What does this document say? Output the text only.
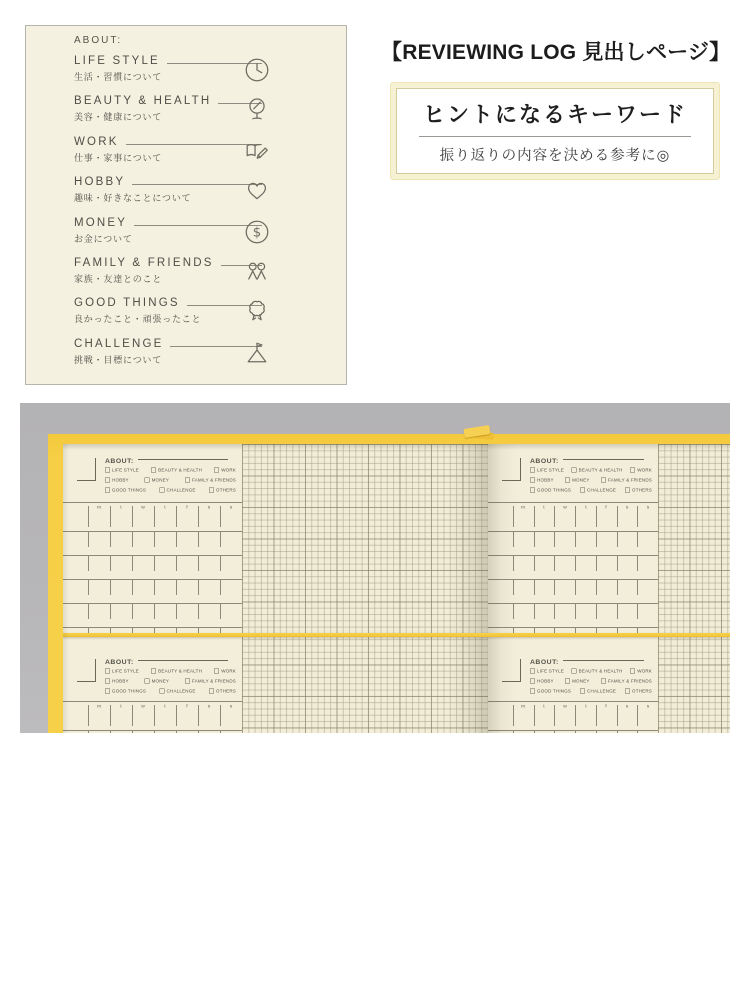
ABOUT:
LIFE STYLE
生活・習慣について
BEAUTY & HEALTH
美容・健康について
WORK
仕事・家事について
HOBBY
趣味・好きなことについて
MONEY
お金について
FAMILY & FRIENDS
家族・友達とのこと
GOOD THINGS
良かったこと・頑張ったこと
CHALLENGE
挑戦・目標について
【REVIEWING LOG 見出しページ】
ヒントになるキーワード
振り返りの内容を決める参考に◎
ABOUT:
LIFE STYLE BEAUTY & HEALTH WORK
HOBBY	MONEY	FAMILY & FRIENDS
GOOD THINGS CHALLENGE OTHERS
m t w t f s s
ABOUT:
LIFE STYLE BEAUTY & HEALTH WORK
HOBBY MONEY FAMILY & FRIENDS
GOOD THINGS CHALLENGE OTHERS
m t w t f s s
ABOUT:
LIFE STYLE BEAUTY & HEALTH WORK
HOBBY	MONEY	FAMILY & FRIENDS
GOOD THINGS CHALLENGE OTHERS
m t w t f s s
ABOUT:
LIFE STYLE BEAUTY & HEALTH WORK
HOBBY MONEY FAMILY & FRIENDS
GOOD THINGS CHALLENGE OTHERS
m t w t f s s
